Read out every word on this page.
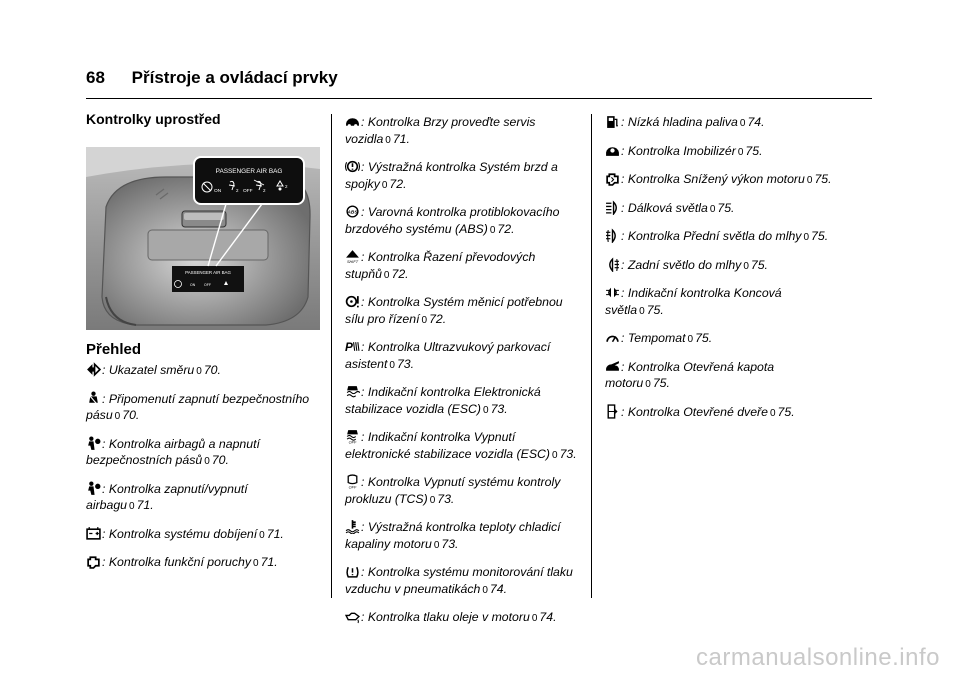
68 Přístroje a ovládací prvky
Kontrolky uprostřed
PASSENGER AIR BAG
ON	OFF
PASSENGER AIR BAG
ON	2 OFF 2
2
Přehled
: Ukazatel směru 0 70.
: Připomenutí zapnutí bezpečnostního pásu 0 70.
: Kontrolka airbagů a napnutí bezpečnostních pásů 0 70.
: Kontrolka zapnutí/vypnutí airbagu 0 71.
: Kontrolka systému dobíjení 0 71.
: Kontrolka funkční poruchy 0 71.
: Kontrolka Brzy proveďte servis vozidla 0 71.
: Výstražná kontrolka Systém brzd a spojky 0 72.
ABS : Varovná kontrolka protiblokovacího brzdového systému (ABS) 0 72.
SHIFT : Kontrolka Řazení převodových stupňů 0 72.
: Kontrolka Systém měnicí potřebnou sílu pro řízení 0 72.
P : Kontrolka Ultrazvukový parkovací asistent 0 73.
: Indikační kontrolka Elektronická stabilizace vozidla (ESC) 0 73.
OFF : Indikační kontrolka Vypnutí elektronické stabilizace vozidla (ESC) 0 73.
OFF : Kontrolka Vypnutí systému kontroly prokluzu (TCS) 0 73.
: Výstražná kontrolka teploty chladicí kapaliny motoru 0 73.
: Kontrolka systému monitorování tlaku vzduchu v pneumatikách 0 74.
: Kontrolka tlaku oleje v motoru 0 74.
: Nízká hladina paliva 0 74.
: Kontrolka Imobilizér 0 75.
: Kontrolka Snížený výkon motoru 0 75.
: Dálková světla 0 75.
: Kontrolka Přední světla do mlhy 0 75.
: Zadní světlo do mlhy 0 75.
: Indikační kontrolka Koncová světla 0 75.
: Tempomat 0 75.
: Kontrolka Otevřená kapota motoru 0 75.
: Kontrolka Otevřené dveře 0 75.
carmanualsonline.info
